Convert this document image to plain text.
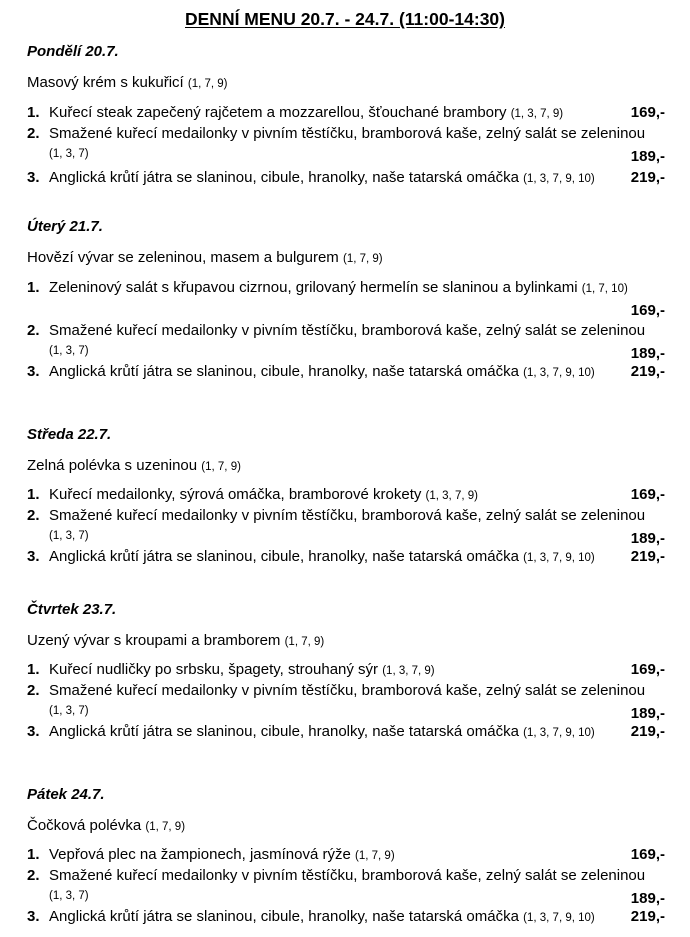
DENNÍ MENU 20.7. - 24.7. (11:00-14:30)
Pondělí 20.7.
Masový krém s kukuřicí (1, 7, 9)
1. Kuřecí steak zapečený rajčetem a mozzarellou, šťouchané brambory (1, 3, 7, 9)	169,-
2. Smažené kuřecí medailonky v pivním těstíčku, bramborová kaše, zelný salát se zeleninou
(1, 3, 7)	189,-
3. Anglická krůtí játra se slaninou, cibule, hranolky, naše tatarská omáčka (1, 3, 7, 9, 10) 219,-
Úterý 21.7.
Hovězí vývar se zeleninou, masem a bulgurem (1, 7, 9)
1. Zeleninový salát s křupavou cizrnou, grilovaný hermelín se slaninou a bylinkami (1, 7, 10)
169,-
2. Smažené kuřecí medailonky v pivním těstíčku, bramborová kaše, zelný salát se zeleninou
(1, 3, 7)	189,-
3. Anglická krůtí játra se slaninou, cibule, hranolky, naše tatarská omáčka (1, 3, 7, 9, 10) 219,-
Středa 22.7.
Zelná polévka s uzeninou (1, 7, 9)
1. Kuřecí medailonky, sýrová omáčka, bramborové krokety (1, 3, 7, 9)	169,-
2. Smažené kuřecí medailonky v pivním těstíčku, bramborová kaše, zelný salát se zeleninou
(1, 3, 7)	189,-
3. Anglická krůtí játra se slaninou, cibule, hranolky, naše tatarská omáčka (1, 3, 7, 9, 10) 219,-
Čtvrtek 23.7.
Uzený vývar s kroupami a bramborem (1, 7, 9)
1. Kuřecí nudličky po srbsku, špagety, strouhaný sýr (1, 3, 7, 9)	169,-
2. Smažené kuřecí medailonky v pivním těstíčku, bramborová kaše, zelný salát se zeleninou
(1, 3, 7)	189,-
3. Anglická krůtí játra se slaninou, cibule, hranolky, naše tatarská omáčka (1, 3, 7, 9, 10) 219,-
Pátek 24.7.
Čočková polévka (1, 7, 9)
1. Vepřová plec na žampionech, jasmínová rýže (1, 7, 9)	169,-
2. Smažené kuřecí medailonky v pivním těstíčku, bramborová kaše, zelný salát se zeleninou
(1, 3, 7)	189,-
3. Anglická krůtí játra se slaninou, cibule, hranolky, naše tatarská omáčka (1, 3, 7, 9, 10) 219,-
